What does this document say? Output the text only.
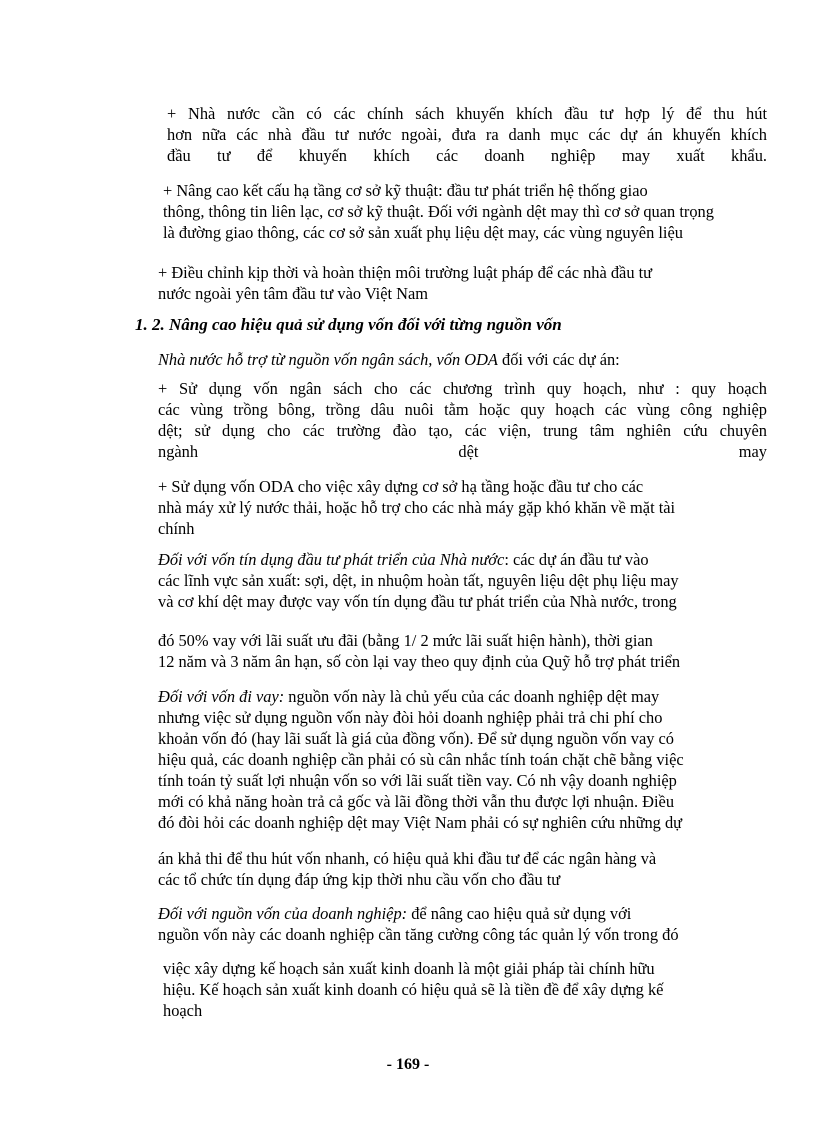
+ Nhà nước cần có các chính sách khuyến khích đầu tư hợp lý để thu hút
hơn nữa các nhà đầu tư nước ngoài, đưa ra danh mục các dự án khuyến khích
đầu tư để khuyến khích các doanh nghiệp may xuất khẩu.

+ Nâng cao kết cấu hạ tầng cơ sở kỹ thuật: đầu tư phát triển hệ thống giao
thông, thông tin liên lạc, cơ sở kỹ thuật. Đối với ngành dệt may thì cơ sở quan trọng
là đường giao thông, các cơ sở sản xuất phụ liệu dệt may, các vùng nguyên liệu

+ Điều chỉnh kịp thời và hoàn thiện môi trường luật pháp để các nhà đầu tư
nước ngoài yên tâm đầu tư vào Việt Nam

1. 2. Nâng cao hiệu quả sử dụng vốn đối với từng nguồn vốn

Nhà nước hỗ trợ từ nguồn vốn ngân sách, vốn ODA đối với các dự án:

+ Sử dụng vốn ngân sách cho các chương trình quy hoạch, như : quy hoạch
các vùng trồng bông, trồng dâu nuôi tằm hoặc quy hoạch các vùng công nghiệp
dệt; sử dụng cho các trường đào tạo, các viện, trung tâm nghiên cứu chuyên
ngành dệt may

+ Sử dụng vốn ODA cho việc xây dựng cơ sở hạ tầng hoặc đầu tư cho các
nhà máy xử lý nước thải, hoặc hỗ trợ cho các nhà máy gặp khó khăn về mặt tài
chính

Đối với vốn tín dụng đầu tư phát triển của Nhà nước: các dự án đầu tư vào
các lĩnh vực sản xuất: sợi, dệt, in nhuộm hoàn tất, nguyên liệu dệt phụ liệu may
và cơ khí dệt may được vay vốn tín dụng đầu tư phát triển của Nhà nước, trong

đó 50% vay với lãi suất ưu đãi (bằng 1/ 2 mức lãi suất hiện hành), thời gian
12 năm và 3 năm ân hạn, số còn lại vay theo quy định của Quỹ hỗ trợ phát triển

Đối với vốn đi vay: nguồn vốn này là chủ yếu của các doanh nghiệp dệt may
nhưng việc sử dụng nguồn vốn này đòi hỏi doanh nghiệp phải trả chi phí cho
khoản vốn đó (hay lãi suất là giá của đồng vốn). Để sử dụng nguồn vốn vay có
hiệu quả, các doanh nghiệp cần phải có sù cân nhắc tính toán chặt chẽ bằng việc
tính toán tỷ suất lợi nhuận vốn so với lãi suất tiền vay. Có nh vậy doanh nghiệp
mới có khả năng hoàn trả cả gốc và lãi đồng thời vẫn thu được lợi nhuận. Điều
đó đòi hỏi các doanh nghiệp dệt may Việt Nam phải có sự nghiên cứu những dự

án khả thi để thu hút vốn nhanh, có hiệu quả khi đầu tư để các ngân hàng và
các tổ chức tín dụng đáp ứng kịp thời nhu cầu vốn cho đầu tư

Đối với nguồn vốn của doanh nghiệp: để nâng cao hiệu quả sử dụng với
nguồn vốn này các doanh nghiệp cần tăng cường công tác quản lý vốn trong đó

việc xây dựng kế hoạch sản xuất kinh doanh là một giải pháp tài chính hữu
hiệu. Kế hoạch sản xuất kinh doanh có hiệu quả sẽ là tiền đề để xây dựng kế
hoạch

- 169 -
